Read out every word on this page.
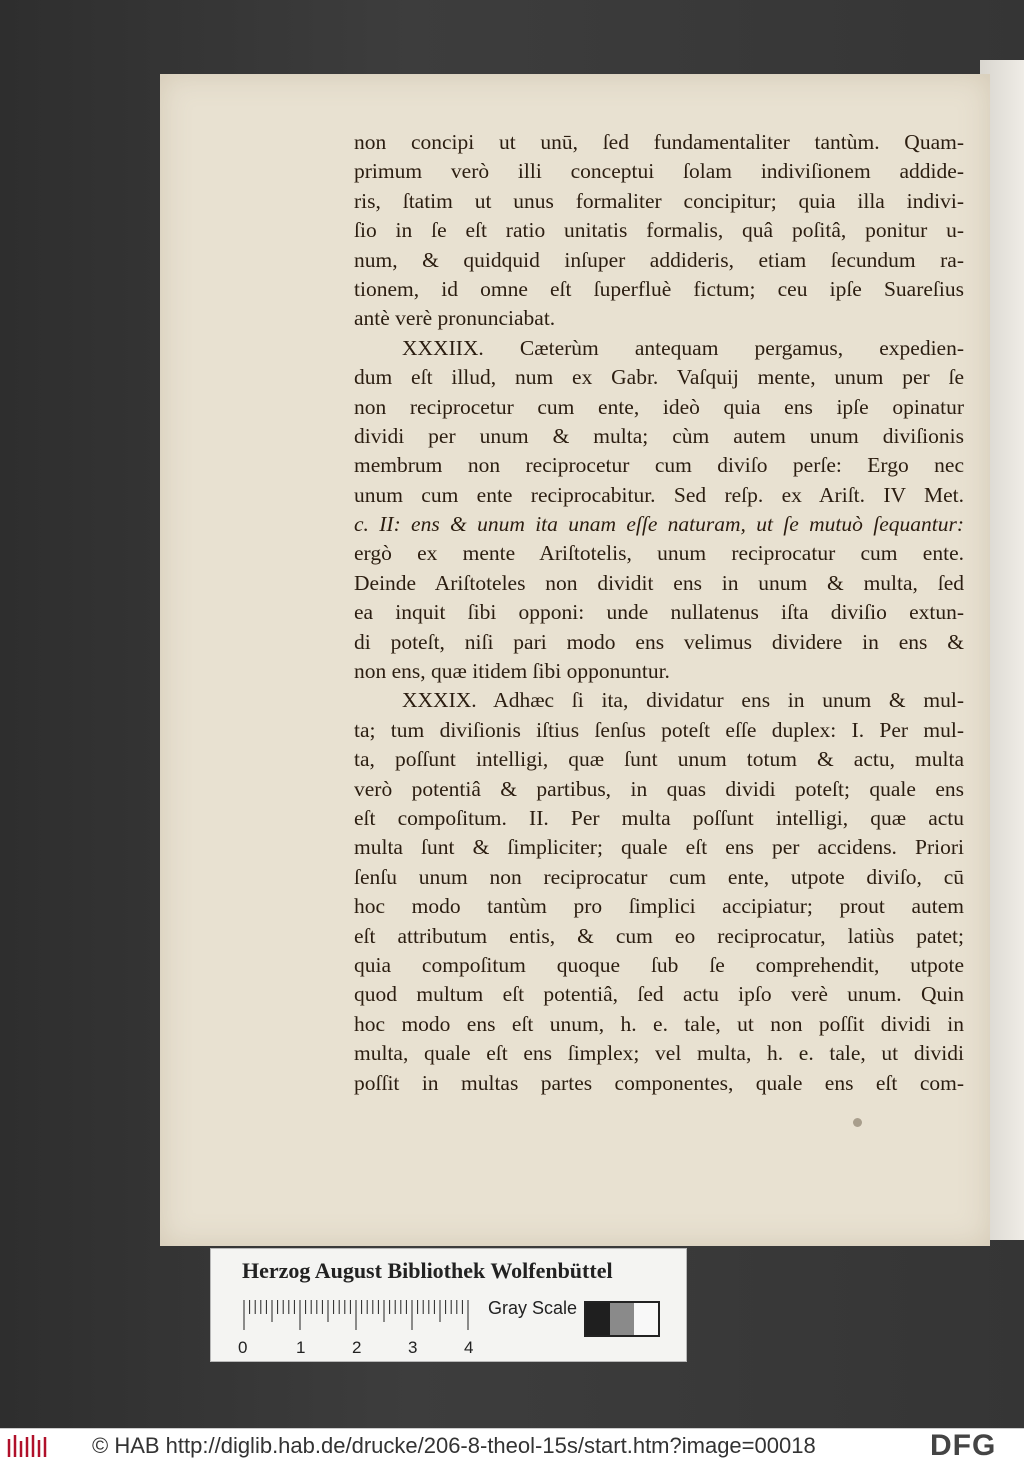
non concipi ut unū, ſed fundamentaliter tantùm. Quam-
primum verò illi conceptui ſolam indiviſionem addide-
ris, ſtatim ut unus formaliter concipitur; quia illa indivi-
ſio in ſe eſt ratio unitatis formalis, quâ poſitâ, ponitur u-
num, & quidquid inſuper addideris, etiam ſecundum ra-
tionem, id omne eſt ſuperfluè fictum; ceu ipſe Suareſius
antè verè pronunciabat.
XXXIIX. Cæterùm antequam pergamus, expedien-
dum eſt illud, num ex Gabr. Vaſquij mente, unum per ſe
non reciprocetur cum ente, ideò quia ens ipſe opinatur
dividi per unum & multa; cùm autem unum diviſionis
membrum non reciprocetur cum diviſo perſe: Ergo nec
unum cum ente reciprocabitur. Sed reſp. ex Ariſt. IV Met.
c. II: ens & unum ita unam eſſe naturam, ut ſe mutuò ſequantur:
ergò ex mente Ariſtotelis, unum reciprocatur cum ente.
Deinde Ariſtoteles non dividit ens in unum & multa, ſed
ea inquit ſibi opponi: unde nullatenus iſta diviſio extun-
di poteſt, niſi pari modo ens velimus dividere in ens &
non ens, quæ itidem ſibi opponuntur.
XXXIX. Adhæc ſi ita, dividatur ens in unum & mul-
ta; tum diviſionis iſtius ſenſus poteſt eſſe duplex: I. Per mul-
ta, poſſunt intelligi, quæ ſunt unum totum & actu, multa
verò potentiâ & partibus, in quas dividi poteſt; quale ens
eſt compoſitum. II. Per multa poſſunt intelligi, quæ actu
multa ſunt & ſimpliciter; quale eſt ens per accidens. Priori
ſenſu unum non reciprocatur cum ente, utpote diviſo, cū
hoc modo tantùm pro ſimplici accipiatur; prout autem
eſt attributum entis, & cum eo reciprocatur, latiùs patet;
quia compoſitum quoque ſub ſe comprehendit, utpote
quod multum eſt potentiâ, ſed actu ipſo verè unum. Quin
hoc modo ens eſt unum, h. e. tale, ut non poſſit dividi in
multa, quale eſt ens ſimplex; vel multa, h. e. tale, ut dividi
poſſit in multas partes componentes, quale ens eſt com-
Herzog August Bibliothek Wolfenbüttel
0	1	2	3	4
Gray Scale
© HAB http://diglib.hab.de/drucke/206-8-theol-15s/start.htm?image=00018	DFG
